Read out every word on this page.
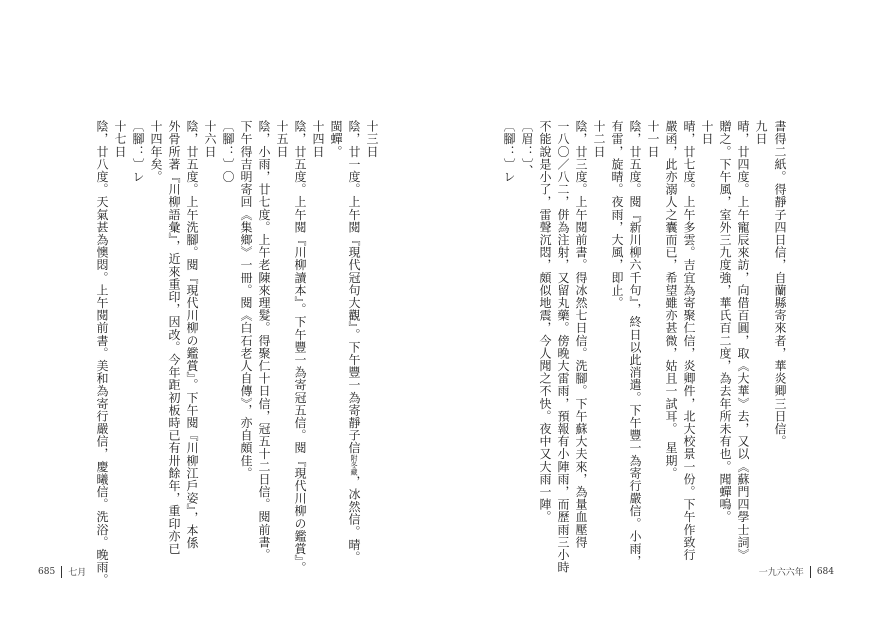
書得二紙。得靜子四日信，自蘭縣寄來者，華炎卿三日信。
九日
晴，廿四度。上午寵辰來訪，向借百圓，取《大華》去，又以《蘇門四學士詞》
贈之。下午風，室外三九度強，華氏百二度，為去年所未有也。聞蟬鳴。
十日
晴，廿七度。上午多雲。吉宜為寄聚仁信，炎卿件，北大校景一份。下午作致行
嚴函，此亦溺人之囊而已，希望雖亦甚微，姑且一試耳。　星期。
十一日
陰，廿五度。閱『新川柳六千句』，終日以此消遣。下午豐一為寄行嚴信。小雨，
有雷，旋晴。夜雨，大風，即止。
十二日
陰，廿三度。上午閱前書。得冰然七日信。洗腳。下午蘇大夫來，為量血壓得
一八〇／八二，併為注射，又留丸藥。傍晚大雷雨，預報有小陣雨，而歷雨三小時
不能說是小了，雷聲沉悶，頗似地震，今人聞之不快。夜中又大雨一陣。
〔眉：〕、
〔腳：〕レ
一九六六年 684
十三日
陰，廿一度。上午閱『現代冠句大觀』。下午豐一為寄靜子信附冬藏，冰然信。晴。
閩蟬。
十四日
陰，廿五度。上午閱『川柳讀本』。下午豐一為寄冠五信。閱『現代川柳の鑑賞』。
十五日
陰，小雨，廿七度。上午老陳來理髮。得聚仁十日信，冠五十二日信。閱前書。
下午得吉明寄回《集鄉》一冊。閱《白石老人自傳》，亦自頗佳。
〔腳：〕〇
十六日
陰，廿五度。上午洗腳。閱『現代川柳の鑑賞』。下午閱『川柳江戶姿』，本係
外骨所著『川柳語彙』，近來重印，因改。今年距初板時已有卅餘年，重印亦已
十四年矣。
〔腳：〕レ
十七日
陰，廿八度。天氣甚為懊悶。上午閱前書。美和為寄行嚴信，慶曦信。洗浴。晚雨。
685 七月
